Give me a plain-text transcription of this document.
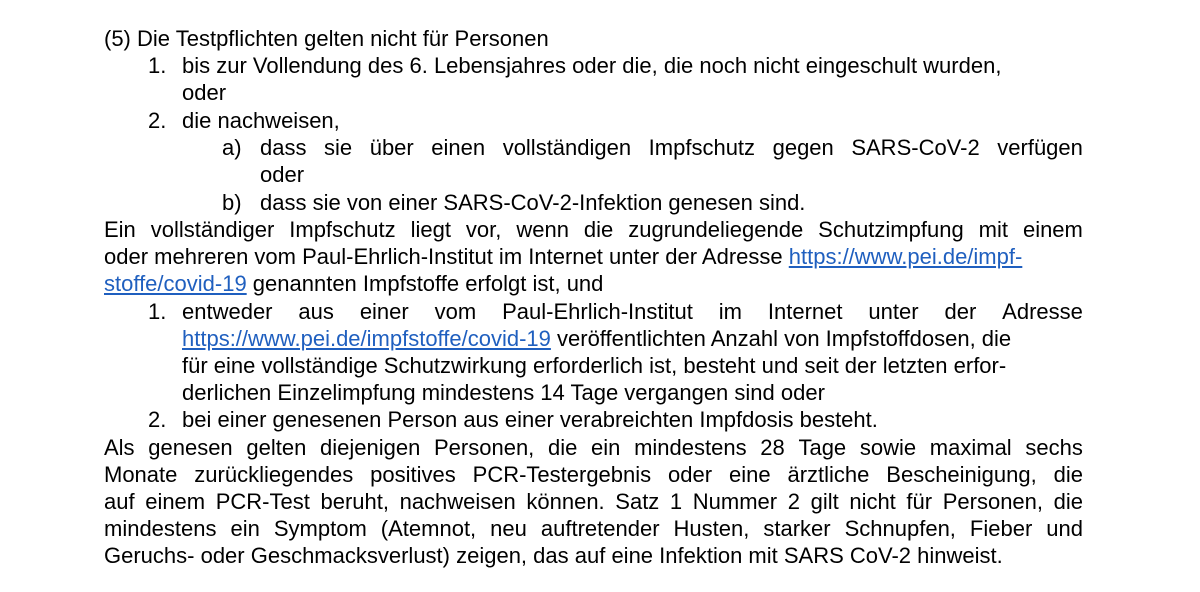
(5) Die Testpflichten gelten nicht für Personen
1. bis zur Vollendung des 6. Lebensjahres oder die, die noch nicht eingeschult wurden,
oder
2. die nachweisen,
a) dass sie über einen vollständigen Impfschutz gegen SARS-CoV-2 verfügen
oder
b) dass sie von einer SARS-CoV-2-Infektion genesen sind.
Ein vollständiger Impfschutz liegt vor, wenn die zugrundeliegende Schutzimpfung mit einem
oder mehreren vom Paul-Ehrlich-Institut im Internet unter der Adresse https://www.pei.de/impf-
stoffe/covid-19 genannten Impfstoffe erfolgt ist, und
1. entweder aus einer vom Paul-Ehrlich-Institut im Internet unter der Adresse
https://www.pei.de/impfstoffe/covid-19 veröffentlichten Anzahl von Impfstoffdosen, die
für eine vollständige Schutzwirkung erforderlich ist, besteht und seit der letzten erfor-
derlichen Einzelimpfung mindestens 14 Tage vergangen sind oder
2. bei einer genesenen Person aus einer verabreichten Impfdosis besteht.
Als genesen gelten diejenigen Personen, die ein mindestens 28 Tage sowie maximal sechs
Monate zurückliegendes positives PCR-Testergebnis oder eine ärztliche Bescheinigung, die
auf einem PCR-Test beruht, nachweisen können. Satz 1 Nummer 2 gilt nicht für Personen, die
mindestens ein Symptom (Atemnot, neu auftretender Husten, starker Schnupfen, Fieber und
Geruchs- oder Geschmacksverlust) zeigen, das auf eine Infektion mit SARS CoV-2 hinweist.
